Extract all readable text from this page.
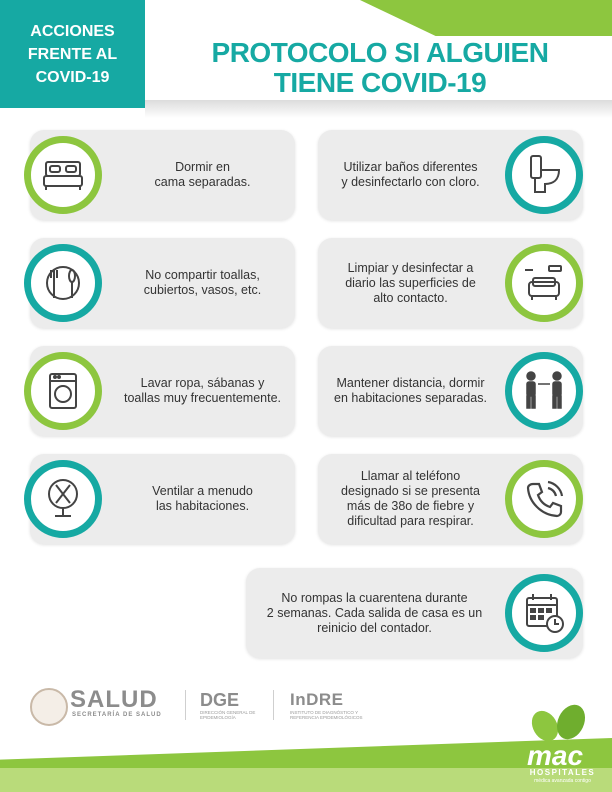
ACCIONES
FRENTE AL
COVID-19
PROTOCOLO SI ALGUIEN
TIENE COVID-19
Dormir en
cama separadas.
Utilizar baños diferentes
y desinfectarlo con cloro.
No compartir toallas,
cubiertos, vasos, etc.
Limpiar y desinfectar a
diario las superficies de
alto contacto.
Lavar ropa, sábanas y
toallas muy frecuentemente.
Mantener distancia, dormir
en habitaciones separadas.
Ventilar a menudo
las habitaciones.
Llamar al teléfono
designado si se presenta
más de 38o de fiebre y
dificultad para respirar.
No rompas la cuarentena durante
2 semanas. Cada salida de casa es un
reinicio del contador.
SALUD
SECRETARÍA DE SALUD
DGE
DIRECCIÓN GENERAL DE EPIDEMIOLOGÍA
InDRE
INSTITUTO DE DIAGNÓSTICO Y REFERENCIA EPIDEMIOLÓGICOS
mac
HOSPITALES
médica avanzada contigo
